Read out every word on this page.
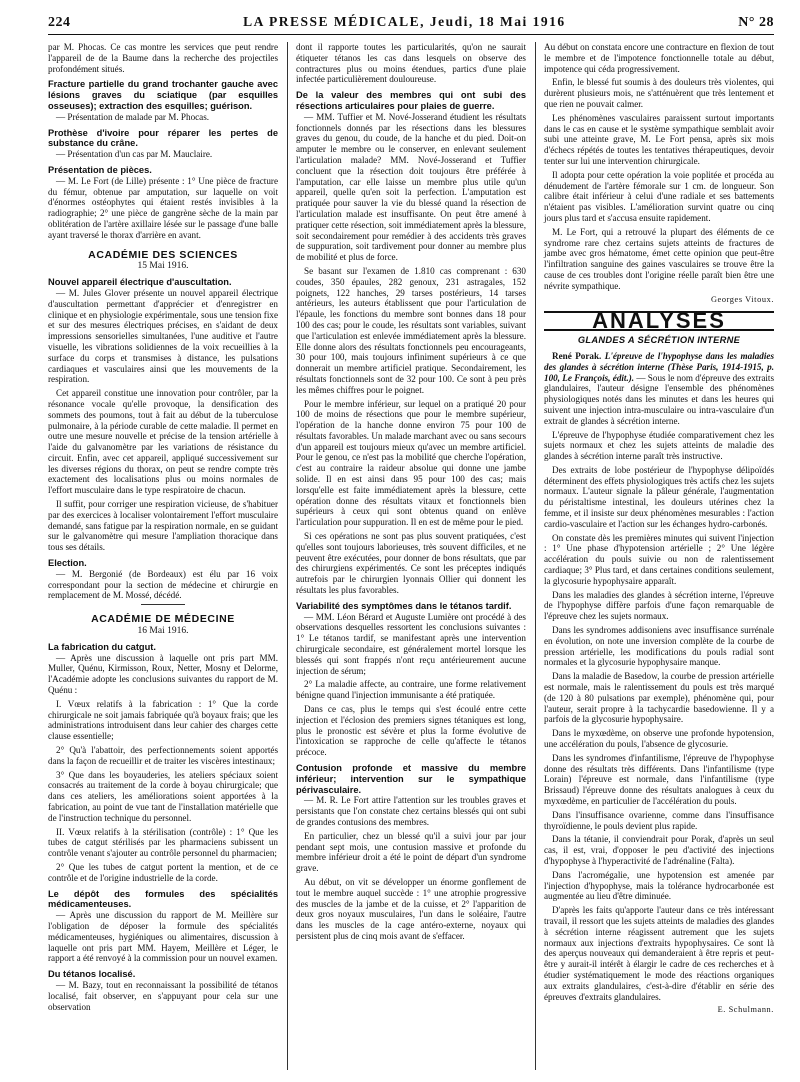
224	LA PRESSE MÉDICALE, Jeudi, 18 Mai 1916	N° 28

par M. Phocas. Ce cas montre les services que peut rendre l'appareil de de la Baume dans la recherche des projectiles profondément situés.

Fracture partielle du grand trochanter gauche avec lésions graves du sciatique (par esquilles osseuses); extraction des esquilles; guérison.

— Présentation de malade par M. Phocas.

Prothèse d'ivoire pour réparer les pertes de substance du crâne.

— Présentation d'un cas par M. Mauclaire.

Présentation de pièces.

— M. Le Fort (de Lille) présente : 1° Une pièce de fracture du fémur, obtenue par amputation, sur laquelle on voit d'énormes ostéophytes qui étaient restés invisibles à la radiographie; 2° une pièce de gangrène sèche de la main par oblitération de l'artère axillaire lésée sur le passage d'une balle ayant traversé le thorax d'arrière en avant.

ACADÉMIE DES SCIENCES
15 Mai 1916.
Nouvel appareil électrique d'auscultation.

— M. Jules Glover présente un nouvel appareil électrique d'auscultation permettant d'apprécier et d'enregistrer en clinique et en physiologie expérimentale, sous une tension fixe et sur des mesures électriques précises, en s'aidant de deux impressions sensorielles simultanées, l'une auditive et l'autre visuelle, les vibrations solidiennes de la voix recueillies à la surface du corps et transmises à distance, les pulsations cardiaques et vasculaires ainsi que les mouvements de la respiration.

Cet appareil constitue une innovation pour contrôler, par la résonance vocale qu'elle provoque, la densification des sommets des poumons, tout à fait au début de la tuberculose pulmonaire, à la période curable de cette maladie. Il permet en outre une mesure nouvelle et précise de la tension artérielle à l'aide du galvanomètre par les variations de résistance du circuit. Enfin, avec cet appareil, appliqué successivement sur les diverses régions du thorax, on peut se rendre compte très exactement des localisations plus ou moins normales de l'effort musculaire dans le type respiratoire de chacun.

Il suffit, pour corriger une respiration vicieuse, de s'habituer par des exercices à localiser volontairement l'effort musculaire demandé, sans fatigue par la respiration normale, en se guidant sur le galvanomètre qui mesure l'ampliation thoracique dans tous ses détails.

Election.

— M. Bergonié (de Bordeaux) est élu par 16 voix correspondant pour la section de médecine et chirurgie en remplacement de M. Mossé, décédé.

ACADÉMIE DE MÉDECINE
16 Mai 1916.
La fabrication du catgut.

— Après une discussion à laquelle ont pris part MM. Muller, Quénu, Kirmisson, Roux, Netter, Mosny et Delorme, l'Académie adopte les conclusions suivantes du rapport de M. Quénu :

I. Vœux relatifs à la fabrication : 1° Que la corde chirurgicale ne soit jamais fabriquée qu'à boyaux frais; que les administrations introduisent dans leur cahier des charges cette clause essentielle;

2° Qu'à l'abattoir, des perfectionnements soient apportés dans la façon de recueillir et de traiter les viscères intestinaux;

3° Que dans les boyauderies, les ateliers spéciaux soient consacrés au traitement de la corde à boyau chirurgicale; que dans ces ateliers, les améliorations soient apportées à la fabrication, au point de vue tant de l'installation matérielle que de l'instruction technique du personnel.

II. Vœux relatifs à la stérilisation (contrôle) : 1° Que les tubes de catgut stérilisés par les pharmaciens subissent un contrôle venant s'ajouter au contrôle personnel du pharmacien;

2° Que les tubes de catgut portent la mention, et de ce contrôle et de l'origine industrielle de la corde.

Le dépôt des formules des spécialités médicamenteuses.

— Après une discussion du rapport de M. Meillère sur l'obligation de déposer la formule des spécialités médicamenteuses, hygiéniques ou alimentaires, discussion à laquelle ont pris part MM. Hayem, Meillère et Léger, le rapport a été renvoyé à la commission pour un nouvel examen.

Du tétanos localisé.

— M. Bazy, tout en reconnaissant la possibilité de tétanos localisé, fait observer, en s'appuyant pour cela sur une observation

dont il rapporte toutes les particularités, qu'on ne saurait étiqueter tétanos les cas dans lesquels on observe des contractures plus ou moins étendues, partics d'une plaie infectée particulièrement douloureuse.

De la valeur des membres qui ont subi des résections articulaires pour plaies de guerre.

— MM. Tuffier et M. Nové-Josserand étudient les résultats fonctionnels donnés par les résections dans les blessures graves du genou, du coude, de la hanche et du pied. Doit-on amputer le membre ou le conserver, en enlevant seulement l'articulation malade? MM. Nové-Josserand et Tuffier concluent que la résection doit toujours être préférée à l'amputation, car elle laisse un membre plus utile qu'un appareil, quelle qu'en soit la perfection. L'amputation est pratiquée pour sauver la vie du blessé quand la résection de l'articulation malade est insuffisante. On peut être amené à pratiquer cette résection, soit immédiatement après la blessure, soit secondairement pour remédier à des accidents très graves de suppuration, soit tardivement pour donner au membre plus de mobilité et plus de force.

Se basant sur l'examen de 1.810 cas comprenant : 630 coudes, 350 épaules, 282 genoux, 231 astragales, 152 poignets, 122 hanches, 29 tarses postérieurs, 14 tarses antérieurs, les auteurs établissent que pour l'articulation de l'épaule, les fonctions du membre sont bonnes dans 18 pour 100 des cas; pour le coude, les résultats sont variables, suivant que l'articulation est enlevée immédiatement après la blessure. Elle donne alors des résultats fonctionnels peu encourageants, 30 pour 100, mais toujours infiniment supérieurs à ce que donnerait un membre artificiel pratique. Secondairement, les résultats fonctionnels sont de 32 pour 100. Ce sont à peu près les mêmes chiffres pour le poignet.

Pour le membre inférieur, sur lequel on a pratiqué 20 pour 100 de moins de résections que pour le membre supérieur, l'opération de la hanche donne environ 75 pour 100 de résultats favorables. Un malade marchant avec ou sans secours d'un appareil est toujours mieux qu'avec un membre artificiel. Pour le genou, ce n'est pas la mobilité que cherche l'opération, c'est au contraire la raideur absolue qui donne une jambe solide. Il en est ainsi dans 95 pour 100 des cas; mais lorsqu'elle est faite immédiatement après la blessure, cette opération donne des résultats vitaux et fonctionnels bien supérieurs à ceux qui sont obtenus quand on enlève l'articulation pour suppuration. Il en est de même pour le pied.

Si ces opérations ne sont pas plus souvent pratiquées, c'est qu'elles sont toujours laborieuses, très souvent difficiles, et ne peuvent être exécutées, pour donner de bons résultats, que par des chirurgiens expérimentés. Ce sont les préceptes indiqués autrefois par le chirurgien lyonnais Ollier qui donnent les résultats les plus favorables.

Variabilité des symptômes dans le tétanos tardif.

— MM. Léon Bérard et Auguste Lumière ont procédé à des observations desquelles ressortent les conclusions suivantes : 1° Le tétanos tardif, se manifestant après une intervention chirurgicale secondaire, est généralement mortel lorsque les blessés qui sont frappés n'ont reçu antérieurement aucune injection de sérum;

2° La maladie affecte, au contraire, une forme relativement bénigne quand l'injection immunisante a été pratiquée.

Dans ce cas, plus le temps qui s'est écoulé entre cette injection et l'éclosion des premiers signes tétaniques est long, plus le pronostic est sévère et plus la forme évolutive de l'intoxication se rapproche de celle qu'affecte le tétanos précoce.

Contusion profonde et massive du membre inférieur; intervention sur le sympathique périvasculaire.

— M. R. Le Fort attire l'attention sur les troubles graves et persistants que l'on constate chez certains blessés qui ont subi de grandes contusions des membres.

En particulier, chez un blessé qu'il a suivi jour par jour pendant sept mois, une contusion massive et profonde du membre inférieur droit a été le point de départ d'un syndrome grave.

Au début, on vit se développer un énorme gonflement de tout le membre auquel succède : 1° une atrophie progressive des muscles de la jambe et de la cuisse, et 2° l'apparition de deux gros noyaux musculaires, l'un dans le soléaire, l'autre dans les muscles de la cage antéro-externe, noyaux qui persistent plus de cinq mois avant de s'effacer.

Au début on constata encore une contracture en flexion de tout le membre et de l'impotence fonctionnelle totale au début, impotence qui céda progressivement.

Enfin, le blessé fut soumis à des douleurs très violentes, qui durèrent plusieurs mois, ne s'atténuèrent que très lentement et que rien ne pouvait calmer.

Les phénomènes vasculaires paraissent surtout importants dans le cas en cause et le système sympathique semblait avoir subi une atteinte grave, M. Le Fort pensa, après six mois d'échecs répétés de toutes les tentatives thérapeutiques, devoir tenter sur lui une intervention chirurgicale.

Il adopta pour cette opération la voie poplitée et procéda au dénudement de l'artère fémorale sur 1 cm. de longueur. Son calibre était inférieur à celui d'une radiale et ses battements n'étaient pas visibles. L'amélioration survint quatre ou cinq jours plus tard et s'accusa ensuite rapidement.

M. Le Fort, qui a retrouvé la plupart des éléments de ce syndrome rare chez certains sujets atteints de fractures de jambe avec gros hématome, émet cette opinion que peut-être l'infiltration sanguine des gaines vasculaires se trouve être la cause de ces troubles dont l'origine réelle paraît bien être une névrite sympathique.

Georges Vitoux.
ANALYSES
GLANDES A SÉCRÉTION INTERNE

René Porak. L'épreuve de l'hypophyse dans les maladies des glandes à sécrétion interne (Thèse Paris, 1914-1915, p. 100, Le François, édit.). — Sous le nom d'épreuve des extraits glandulaires, l'auteur désigne l'ensemble des phénomènes physiologiques notés dans les minutes et dans les heures qui suivent une injection intra-musculaire ou intra-vasculaire d'un extrait de glandes à sécrétion interne.

L'épreuve de l'hypophyse étudiée comparativement chez les sujets normaux et chez les sujets atteints de maladie des glandes à sécrétion interne paraît très instructive.

Des extraits de lobe postérieur de l'hypophyse délipoïdés déterminent des effets physiologiques très actifs chez les sujets normaux. L'auteur signale la pâleur générale, l'augmentation du péristaltisme intestinal, les douleurs utérines chez la femme, et il insiste sur deux phénomènes mesurables : l'action cardio-vasculaire et l'action sur les échanges hydro-carbonés.

On constate dès les premières minutes qui suivent l'injection : 1° Une phase d'hypotension artérielle ; 2° Une légère accélération du pouls suivie ou non de ralentissement cardiaque; 3° Plus tard, et dans certaines conditions seulement, la glycosurie hypophysaire apparaît.

Dans les maladies des glandes à sécrétion interne, l'épreuve de l'hypophyse diffère parfois d'une façon remarquable de l'épreuve chez les sujets normaux.

Dans les syndromes addisoniens avec insuffisance surrénale en évolution, on note une inversion complète de la courbe de pression artérielle, les modifications du pouls radial sont normales et la glycosurie hypophysaire manque.

Dans la maladie de Basedow, la courbe de pression artérielle est normale, mais le ralentissement du pouls est très marqué (de 120 à 80 pulsations par exemple), phénomène qui, pour l'auteur, serait propre à la tachycardie basedowienne. Il y a parfois de la glycosurie hypophysaire.

Dans le myxœdème, on observe une profonde hypotension, une accélération du pouls, l'absence de glycosurie.

Dans les syndromes d'infantilisme, l'épreuve de l'hypophyse donne des résultats très différents. Dans l'infantilisme (type Lorain) l'épreuve est normale, dans l'infantilisme (type Brissaud) l'épreuve donne des résultats analogues à ceux du myxœdème, en particulier de l'accélération du pouls.

Dans l'insuffisance ovarienne, comme dans l'insuffisance thyroïdienne, le pouls devient plus rapide.

Dans la tétanie, il conviendrait pour Porak, d'après un seul cas, il est, vrai, d'opposer le peu d'activité des injections d'hypophyse à l'hyperactivité de l'adrénaline (Falta).

Dans l'acromégalie, une hypotension est amenée par l'injection d'hypophyse, mais la tolérance hydrocarbonée est augmentée au lieu d'être diminuée.

D'après les faits qu'apporte l'auteur dans ce très intéressant travail, il ressort que les sujets atteints de maladies des glandes à sécrétion interne réagissent autrement que les sujets normaux aux injections d'extraits hypophysaires. Ce sont là des aperçus nouveaux qui demanderaient à être repris et peut-être y aurait-il intérêt à élargir le cadre de ces recherches et à étudier systématiquement le mode des réactions organiques aux extraits glandulaires, c'est-à-dire d'établir en série des épreuves d'extraits glandulaires.

E. Schulmann.
